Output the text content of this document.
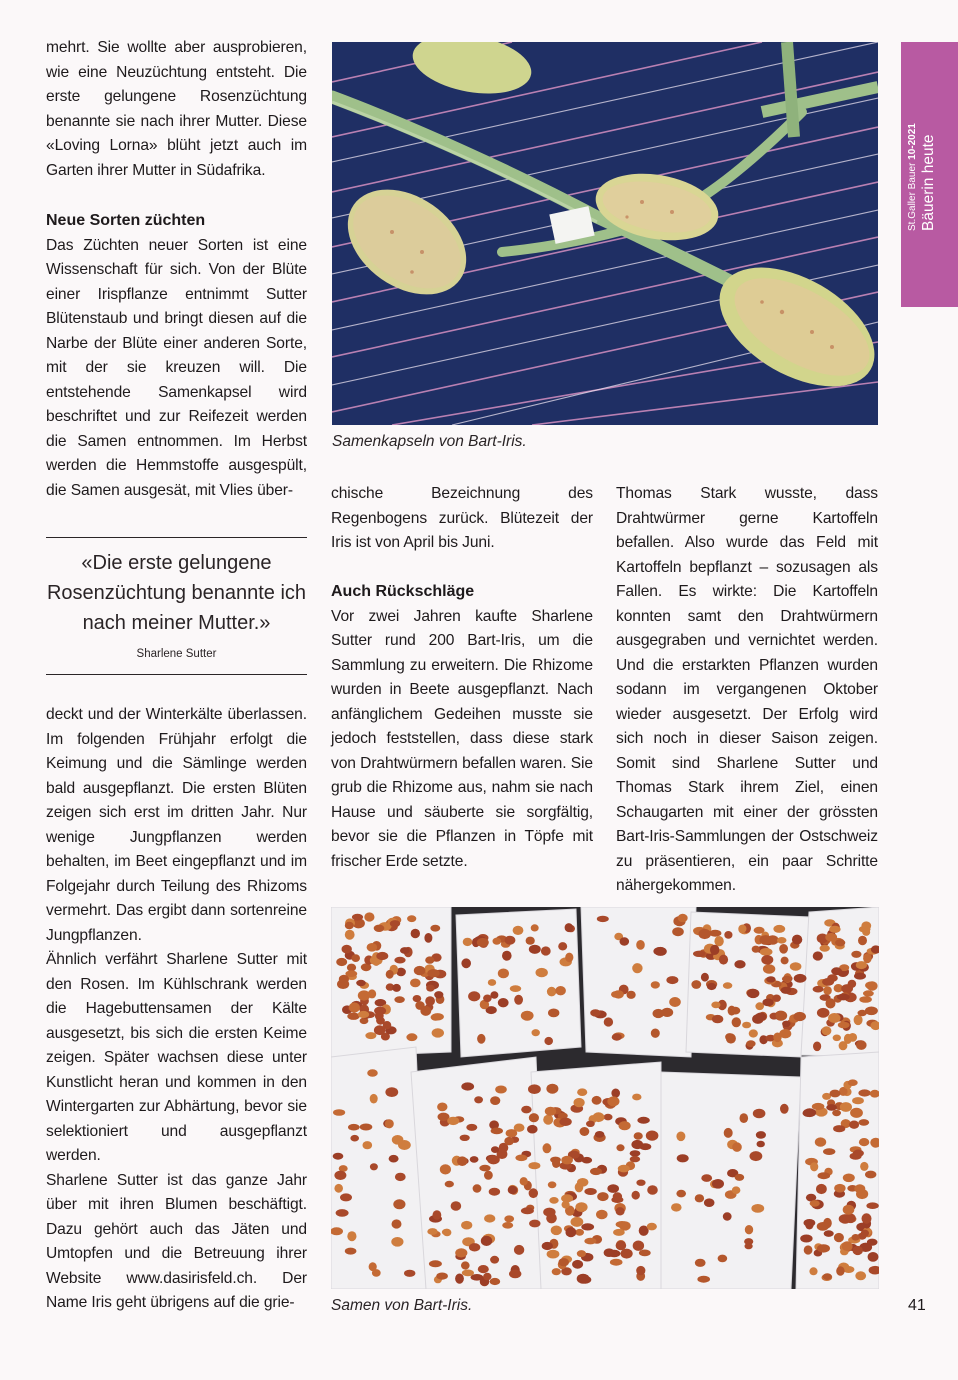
St.Galler Bauer 10-2021 Bäuerin heute

mehrt. Sie wollte aber ausprobieren, wie eine Neuzüchtung entsteht. Die erste gelungene Rosenzüchtung benannte sie nach ihrer Mutter. Diese «Loving Lorna» blüht jetzt auch im Garten ihrer Mutter in Südafrika.

Neue Sorten züchten

Das Züchten neuer Sorten ist eine Wissenschaft für sich. Von der Blüte einer Irispflanze entnimmt Sutter Blütenstaub und bringt diesen auf die Narbe der Blüte einer anderen Sorte, mit der sie kreuzen will. Die entstehende Samenkapsel wird beschriftet und zur Reifezeit werden die Samen entnommen. Im Herbst werden die Hemmstoffe ausgespült, die Samen ausgesät, mit Vlies über-

«Die erste gelungene Rosenzüchtung benannte ich nach meiner Mutter.»
Sharlene Sutter

deckt und der Winterkälte überlassen. Im folgenden Frühjahr erfolgt die Keimung und die Sämlinge werden bald ausgepflanzt. Die ersten Blüten zeigen sich erst im dritten Jahr. Nur wenige Jungpflanzen werden behalten, im Beet eingepflanzt und im Folgejahr durch Teilung des Rhizoms vermehrt. Das ergibt dann sortenreine Jungpflanzen.

Ähnlich verfährt Sharlene Sutter mit den Rosen. Im Kühlschrank werden die Hagebuttensamen der Kälte ausgesetzt, bis sich die ersten Keime zeigen. Später wachsen diese unter Kunstlicht heran und kommen in den Wintergarten zur Abhärtung, bevor sie selektioniert und ausgepflanzt werden.

Sharlene Sutter ist das ganze Jahr über mit ihren Blumen beschäftigt. Dazu gehört auch das Jäten und Umtopfen und die Betreuung ihrer Website www.dasirisfeld.ch. Der Name Iris geht übrigens auf die grie-

Samenkapseln von Bart-Iris.

chische Bezeichnung des Regenbogens zurück. Blütezeit der Iris ist von April bis Juni.

Auch Rückschläge

Vor zwei Jahren kaufte Sharlene Sutter rund 200 Bart-Iris, um die Sammlung zu erweitern. Die Rhizome wurden in Beete ausgepflanzt. Nach anfänglichem Gedeihen musste sie jedoch feststellen, dass diese stark von Drahtwürmern befallen waren. Sie grub die Rhizome aus, nahm sie nach Hause und säuberte sie sorgfältig, bevor sie die Pflanzen in Töpfe mit frischer Erde setzte.

Thomas Stark wusste, dass Drahtwürmer gerne Kartoffeln befallen. Also wurde das Feld mit Kartoffeln bepflanzt – sozusagen als Fallen. Es wirkte: Die Kartoffeln konnten samt den Drahtwürmern ausgegraben und vernichtet werden. Und die erstarkten Pflanzen wurden sodann im vergangenen Oktober wieder ausgesetzt. Der Erfolg wird sich noch in dieser Saison zeigen. Somit sind Sharlene Sutter und Thomas Stark ihrem Ziel, einen Schaugarten mit einer der grössten Bart-Iris-Sammlungen der Ostschweiz zu präsentieren, ein paar Schritte nähergekommen.

Samen von Bart-Iris.	41
